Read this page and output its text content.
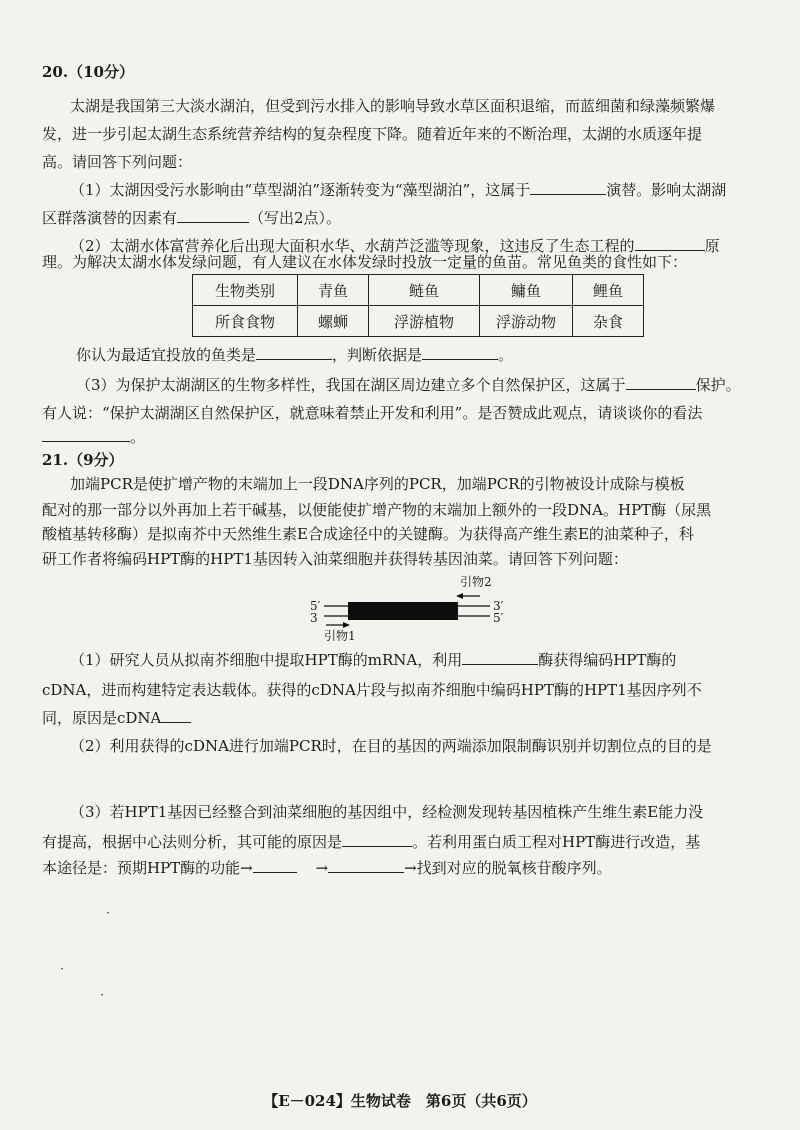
20.（10分）
太湖是我国第三大淡水湖泊，但受到污水排入的影响导致水草区面积退缩，而蓝细菌和绿藻频繁爆
发，进一步引起太湖生态系统营养结构的复杂程度下降。随着近年来的不断治理，太湖的水质逐年提
高。请回答下列问题：
（1）太湖因受污水影响由“草型湖泊”逐渐转变为“藻型湖泊”，这属于	演替。影响太湖湖
区群落演替的因素有	（写出2点）。
（2）太湖水体富营养化后出现大面积水华、水葫芦泛滥等现象，这违反了生态工程的	原
理。为解决太湖水体发绿问题，有人建议在水体发绿时投放一定量的鱼苗。常见鱼类的食性如下：
生物类别	青鱼	鲢鱼	鳙鱼	鲤鱼
所食食物	螺蛳	浮游植物	浮游动物	杂食
你认为最适宜投放的鱼类是	，判断依据是	。
（3）为保护太湖湖区的生物多样性，我国在湖区周边建立多个自然保护区，这属于	保护。
有人说：“保护太湖湖区自然保护区，就意味着禁止开发和利用”。是否赞成此观点，请谈谈你的看法
。
21.（9分）
加端PCR是使扩增产物的末端加上一段DNA序列的PCR，加端PCR的引物被设计成除与模板
配对的那一部分以外再加上若干碱基，以便能使扩增产物的末端加上额外的一段DNA。HPT酶（尿黑
酸植基转移酶）是拟南芥中天然维生素E合成途径中的关键酶。为获得高产维生素E的油菜种子，科
研工作者将编码HPT酶的HPT1基因转入油菜细胞并获得转基因油菜。请回答下列问题：
引物2
5′	3′
3	5′
引物1
（1）研究人员从拟南芥细胞中提取HPT酶的mRNA，利用	酶获得编码HPT酶的
cDNA，进而构建特定表达载体。获得的cDNA片段与拟南芥细胞中编码HPT酶的HPT1基因序列不
同，原因是cDNA
（2）利用获得的cDNA进行加端PCR时，在目的基因的两端添加限制酶识别并切割位点的目的是
（3）若HPT1基因已经整合到油菜细胞的基因组中，经检测发现转基因植株产生维生素E能力没
有提高，根据中心法则分析，其可能的原因是	。若利用蛋白质工程对HPT酶进行改造，基
本途径是：预期HPT酶的功能→	→	→找到对应的脱氧核苷酸序列。
·
·
·
【E－024】生物试卷　第6页（共6页）
